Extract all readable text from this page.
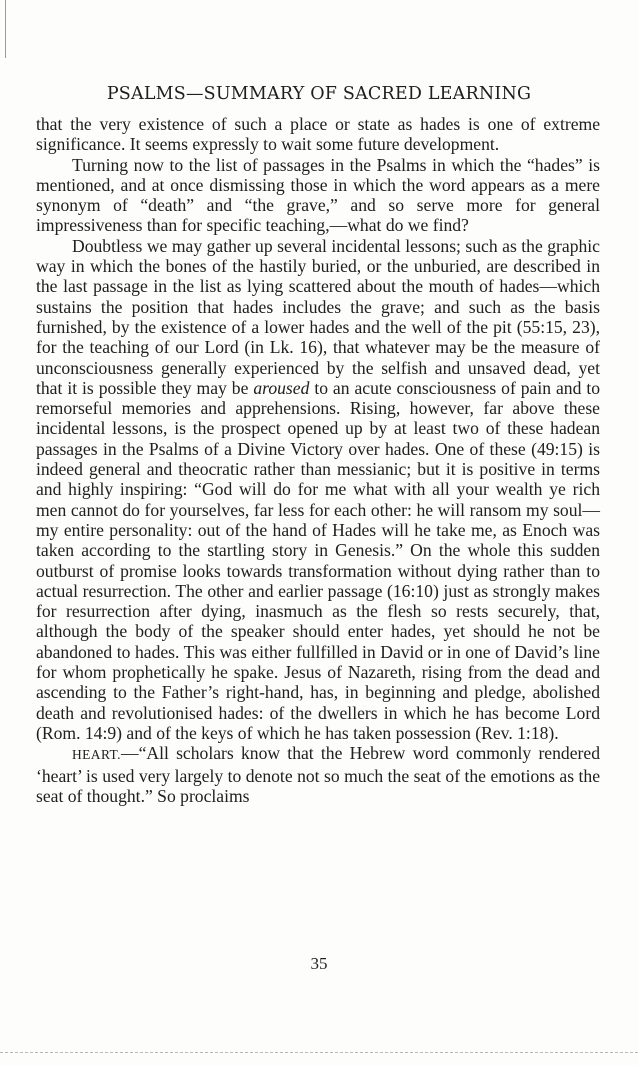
PSALMS—SUMMARY OF SACRED LEARNING

that the very existence of such a place or state as hades is one of extreme significance. It seems expressly to wait some future development.

Turning now to the list of passages in the Psalms in which the “hades” is mentioned, and at once dismissing those in which the word appears as a mere synonym of “death” and “the grave,” and so serve more for general impressiveness than for specific teaching,—what do we find?

Doubtless we may gather up several incidental lessons; such as the graphic way in which the bones of the hastily buried, or the unburied, are described in the last passage in the list as lying scattered about the mouth of hades—which sustains the position that hades includes the grave; and such as the basis furnished, by the existence of a lower hades and the well of the pit (55:15, 23), for the teaching of our Lord (in Lk. 16), that whatever may be the measure of unconsciousness generally experienced by the selfish and unsaved dead, yet that it is possible they may be aroused to an acute consciousness of pain and to remorseful memories and apprehensions. Rising, however, far above these incidental lessons, is the prospect opened up by at least two of these hadean passages in the Psalms of a Divine Victory over hades. One of these (49:15) is indeed general and theocratic rather than messianic; but it is positive in terms and highly inspiring: “God will do for me what with all your wealth ye rich men cannot do for yourselves, far less for each other: he will ransom my soul—my entire personality: out of the hand of Hades will he take me, as Enoch was taken according to the startling story in Genesis.” On the whole this sudden outburst of promise looks towards transformation without dying rather than to actual resurrection. The other and earlier passage (16:10) just as strongly makes for resurrection after dying, inasmuch as the flesh so rests securely, that, although the body of the speaker should enter hades, yet should he not be abandoned to hades. This was either fullfilled in David or in one of David’s line for whom prophetically he spake. Jesus of Nazareth, rising from the dead and ascending to the Father’s right-hand, has, in beginning and pledge, abolished death and revolutionised hades: of the dwellers in which he has become Lord (Rom. 14:9) and of the keys of which he has taken possession (Rev. 1:18).

HEART.—“All scholars know that the Hebrew word commonly rendered ‘heart’ is used very largely to denote not so much the seat of the emotions as the seat of thought.” So proclaims

35
